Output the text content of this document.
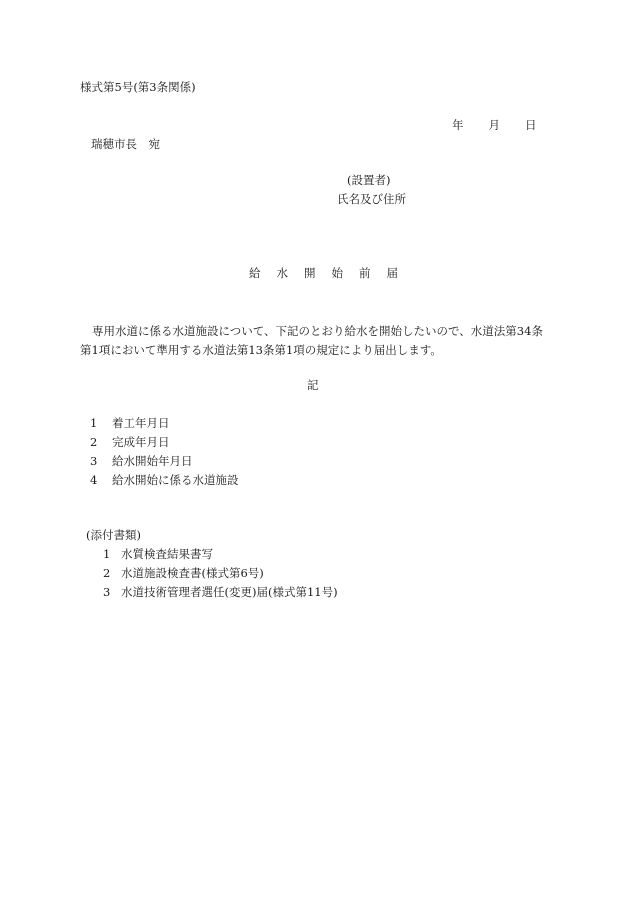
様式第5号(第3条関係)
年 月 日
瑞穂市長　宛
(設置者)
氏名及び住所
給 水 開 始 前 届
専用水道に係る水道施設について、下記のとおり給水を開始したいので、水道法第34条第1項において準用する水道法第13条第1項の規定により届出します。
記
1 着工年月日
2 完成年月日
3 給水開始年月日
4 給水開始に係る水道施設
(添付書類)
1 水質検査結果書写
2 水道施設検査書(様式第6号)
3 水道技術管理者選任(変更)届(様式第11号)
